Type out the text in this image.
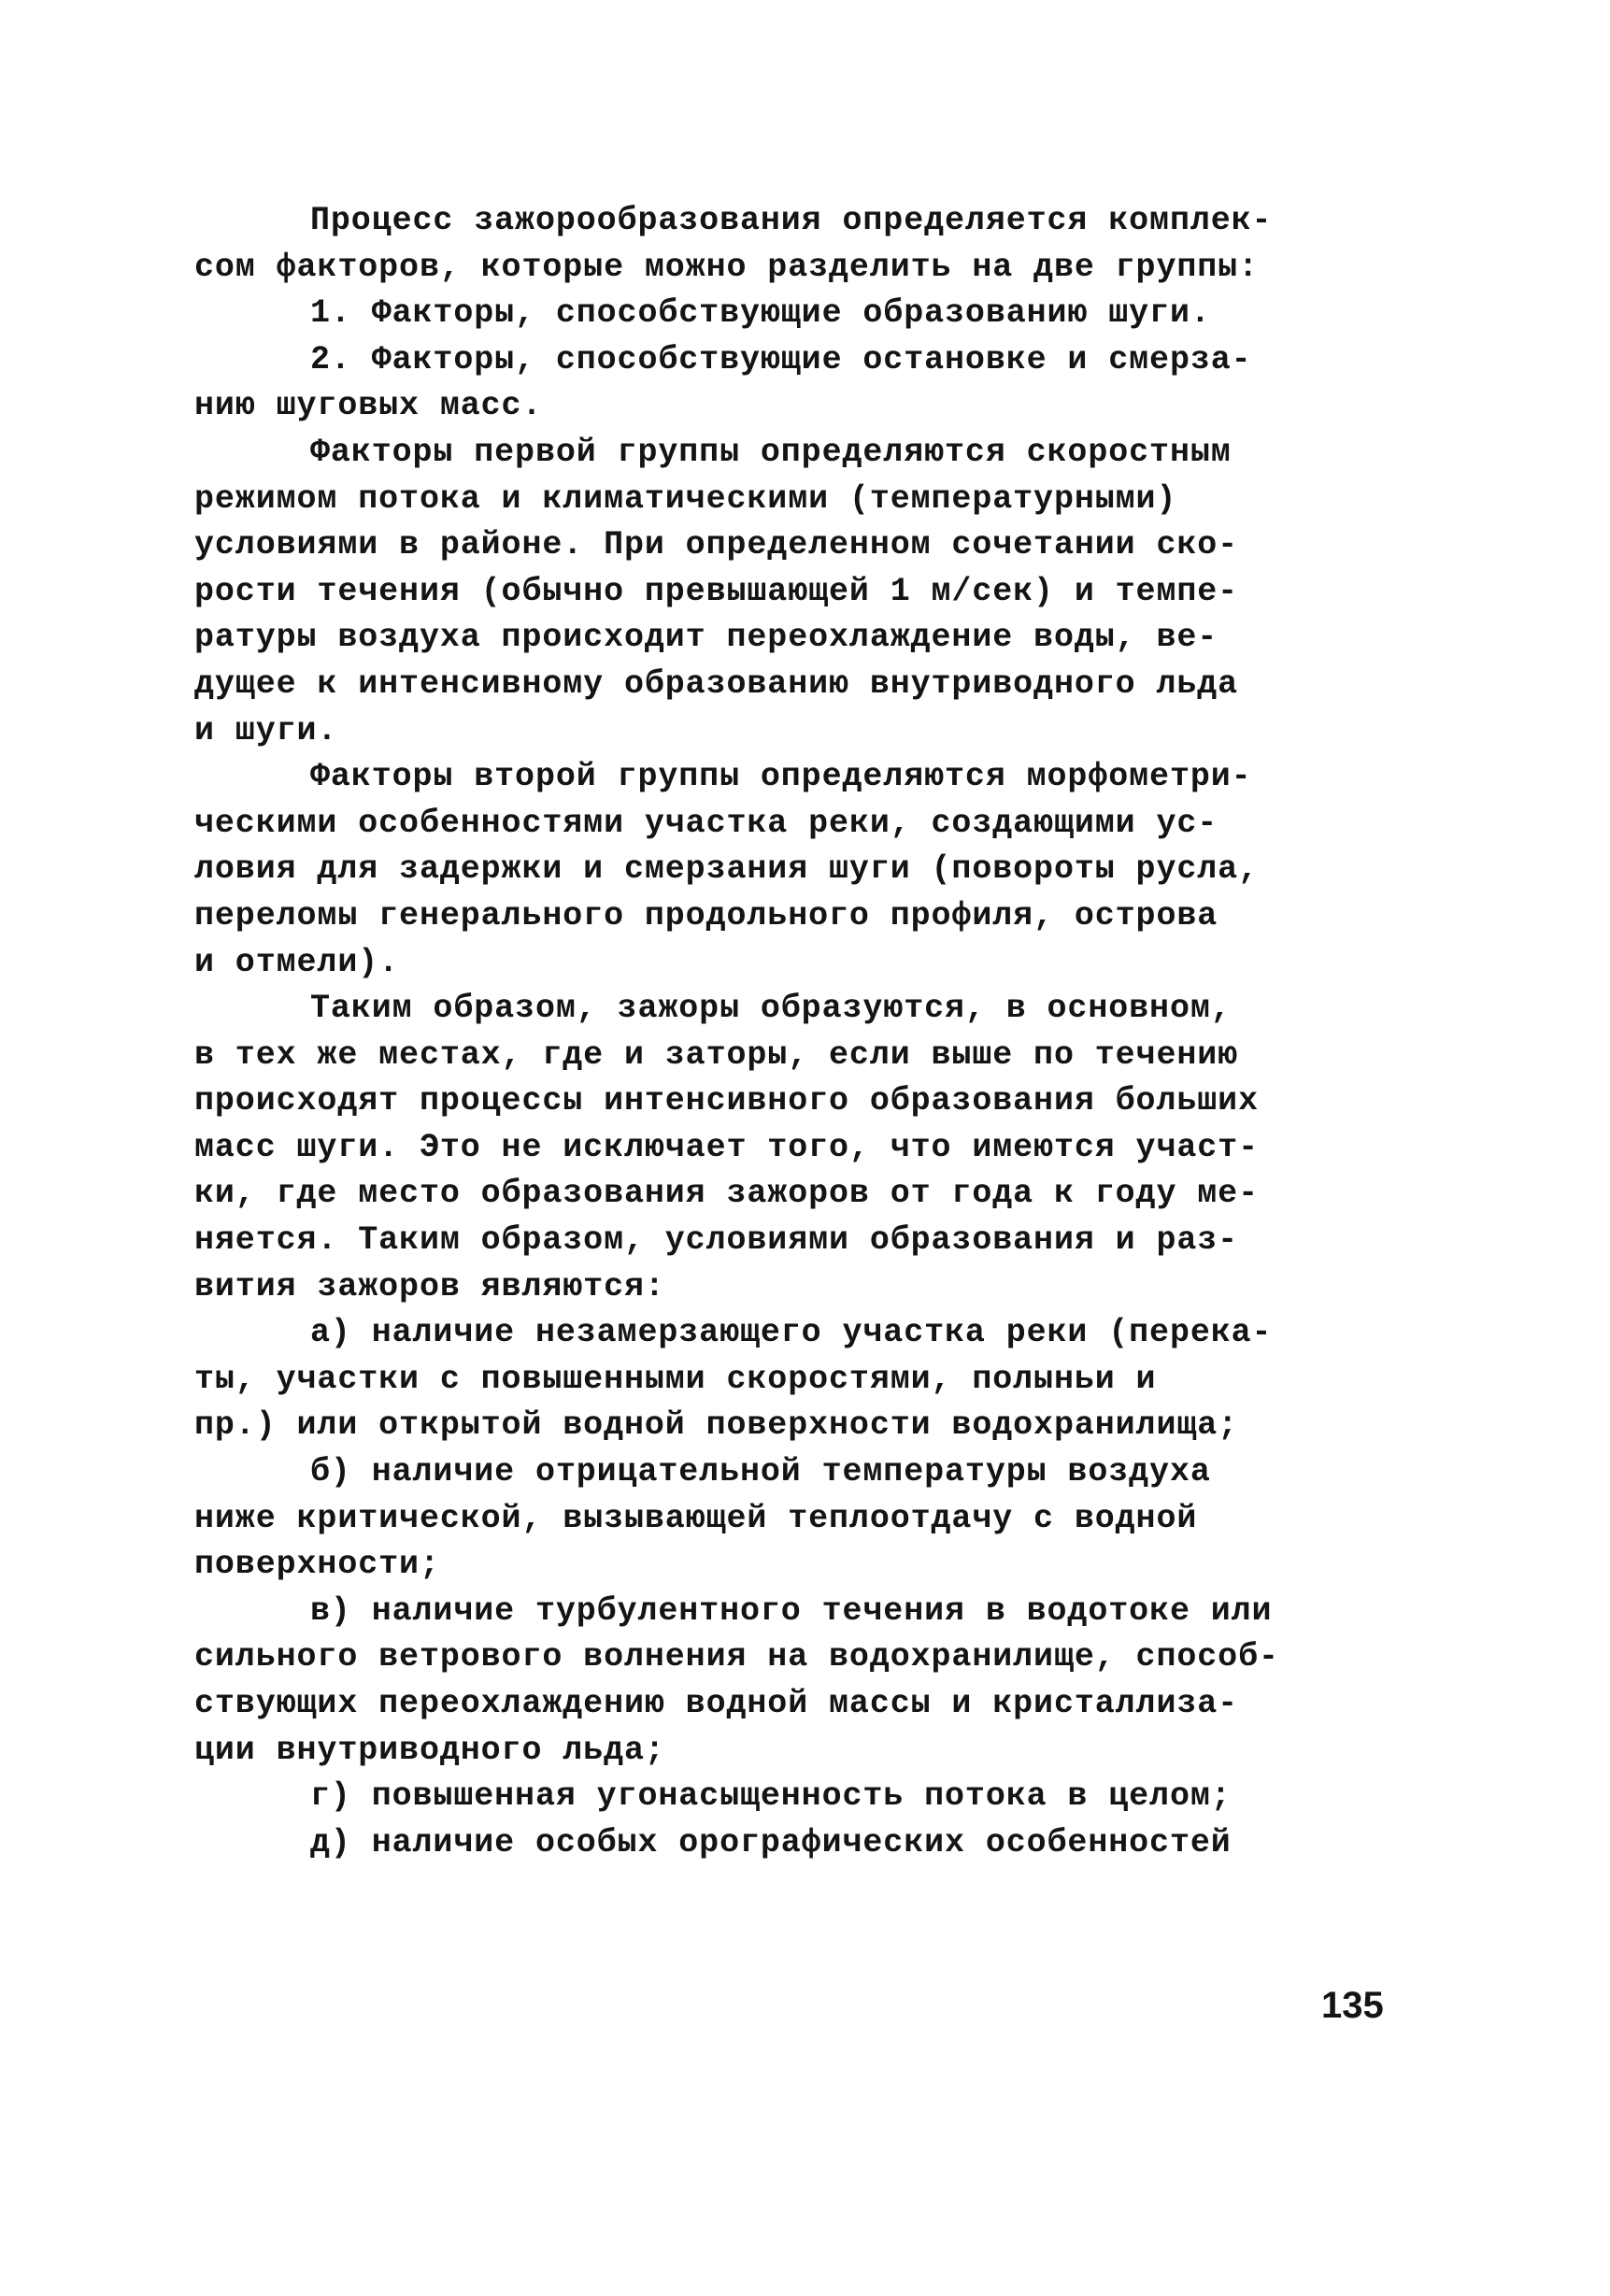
Процесс зажорообразования определяется комплек-
сом факторов, которые можно разделить на две группы:
1. Факторы, способствующие образованию шуги.
2. Факторы, способствующие остановке и смерза-
нию шуговых масс.
Факторы первой группы определяются скоростным
режимом потока и климатическими (температурными)
условиями в районе. При определенном сочетании ско-
рости течения (обычно превышающей 1 м/сек) и темпе-
ратуры воздуха происходит переохлаждение воды, ве-
дущее к интенсивному образованию внутриводного льда
и шуги.
Факторы второй группы определяются морфометри-
ческими особенностями участка реки, создающими ус-
ловия для задержки и смерзания шуги (повороты русла,
переломы генерального продольного профиля, острова
и отмели).
Таким образом, зажоры образуются, в основном,
в тех же местах, где и заторы, если выше по течению
происходят процессы интенсивного образования больших
масс шуги. Это не исключает того, что имеются участ-
ки, где место образования зажоров от года к году ме-
няется. Таким образом, условиями образования и раз-
вития зажоров являются:
а) наличие незамерзающего участка реки (перека-
ты, участки с повышенными скоростями, полыньи и
пр.) или открытой водной поверхности водохранилища;
б) наличие отрицательной температуры воздуха
ниже критической, вызывающей теплоотдачу с водной
поверхности;
в) наличие турбулентного течения в водотоке или
сильного ветрового волнения на водохранилище, способ-
ствующих переохлаждению водной массы и кристаллиза-
ции внутриводного льда;
г) повышенная угонасыщенность потока в целом;
д) наличие особых орографических особенностей
135
